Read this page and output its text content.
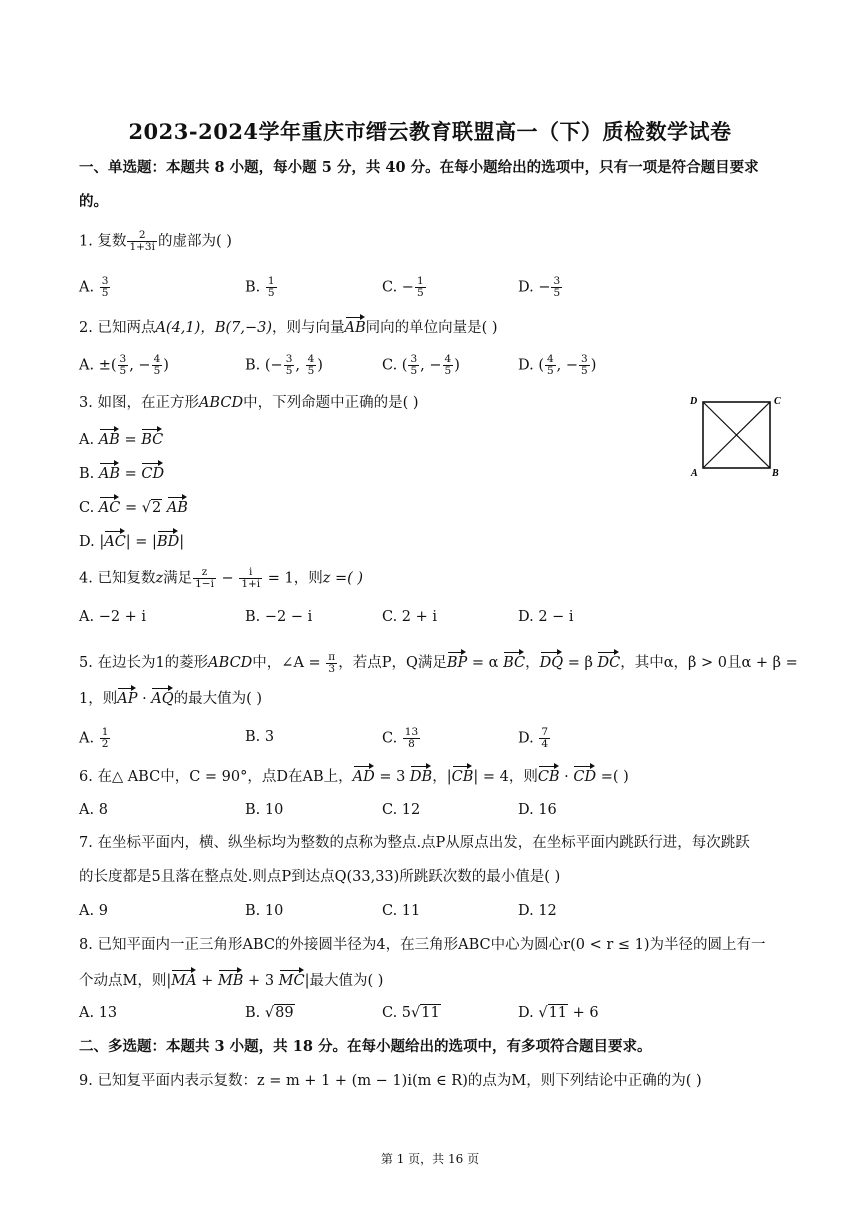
2023-2024学年重庆市缙云教育联盟高一（下）质检数学试卷
一、单选题：本题共 8 小题，每小题 5 分，共 40 分。在每小题给出的选项中，只有一项是符合题目要求
的。
1. 复数 $\frac{2}{1+3i}$ 的虚部为( )
A. $\frac{3}{5}$	B. $\frac{1}{5}$	C. − $\frac{1}{5}$	D. − $\frac{3}{5}$
2. 已知两点A(4,1)，B(7,−3)，则与向量AB同向的单位向量是( )
A. ±( $\frac{3}{5}$ , − $\frac{4}{5}$ )	B. (− $\frac{3}{5}$ , $\frac{4}{5}$ )	C. ( $\frac{3}{5}$ , − $\frac{4}{5}$ )	D. ( $\frac{4}{5}$ , − $\frac{3}{5}$ )
3. 如图，在正方形ABCD中，下列命题中正确的是( )
A. AB = BC
B. AB = CD
C. AC = √2 AB
D. |AC| = |BD|
D	C
A	B
4. 已知复数z满足 $\frac{z}{1-i} - \frac{i}{1+i} = 1$，则z =( )
A. −2 + i	B. −2 − i	C. 2 + i	D. 2 − i
5. 在边长为1的菱形ABCD中，∠A = $\frac{\pi}{3}$ ，若点P，Q满足BP = α BC，DQ = β DC，其中α，β > 0且α + β =
1，则AP · AQ的最大值为( )
A. $\frac{1}{2}$	B. 3	C. $\frac{13}{8}$	D. $\frac{7}{4}$
6. 在△ ABC中，C = 90°，点D在AB上，AD = 3 DB，|CB| = 4，则CB · CD =( )
A. 8	B. 10	C. 12	D. 16
7. 在坐标平面内，横、纵坐标均为整数的点称为整点.点P从原点出发，在坐标平面内跳跃行进，每次跳跃
的长度都是5且落在整点处.则点P到达点Q(33,33)所跳跃次数的最小值是( )
A. 9	B. 10	C. 11	D. 12
8. 已知平面内一正三角形ABC的外接圆半径为4，在三角形ABC中心为圆心r(0 < r ≤ 1)为半径的圆上有一
个动点M，则|MA + MB + 3 MC|最大值为( )
A. 13	B. √89	C. 5√11	D. √11 + 6
二、多选题：本题共 3 小题，共 18 分。在每小题给出的选项中，有多项符合题目要求。
9. 已知复平面内表示复数：z = m + 1 + (m − 1)i(m ∈ R)的点为M，则下列结论中正确的为( )
第 1 页，共 16 页
